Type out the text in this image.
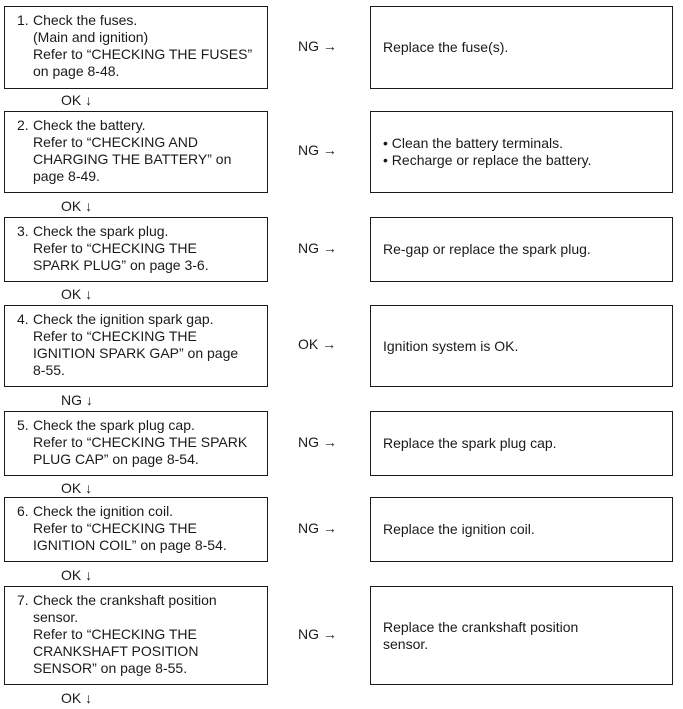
1. Check the fuses.
(Main and ignition)
Refer to “CHECKING THE FUSES”
on page 8-48.
NG →	Replace the fuse(s).
OK ↓
2. Check the battery.
Refer to “CHECKING AND
CHARGING THE BATTERY” on
page 8-49.
NG →	• Clean the battery terminals.
• Recharge or replace the battery.
OK ↓
3. Check the spark plug.
Refer to “CHECKING THE
SPARK PLUG” on page 3-6.
NG →	Re-gap or replace the spark plug.
OK ↓
4. Check the ignition spark gap.
Refer to “CHECKING THE
IGNITION SPARK GAP” on page
8-55.
OK →	Ignition system is OK.
NG ↓
5. Check the spark plug cap.
Refer to “CHECKING THE SPARK
PLUG CAP” on page 8-54.
NG →	Replace the spark plug cap.
OK ↓
6. Check the ignition coil.
Refer to “CHECKING THE
IGNITION COIL” on page 8-54.
NG →	Replace the ignition coil.
OK ↓
7. Check the crankshaft position
sensor.
Refer to “CHECKING THE
CRANKSHAFT POSITION
SENSOR” on page 8-55.
NG →	Replace the crankshaft position
sensor.
OK ↓
